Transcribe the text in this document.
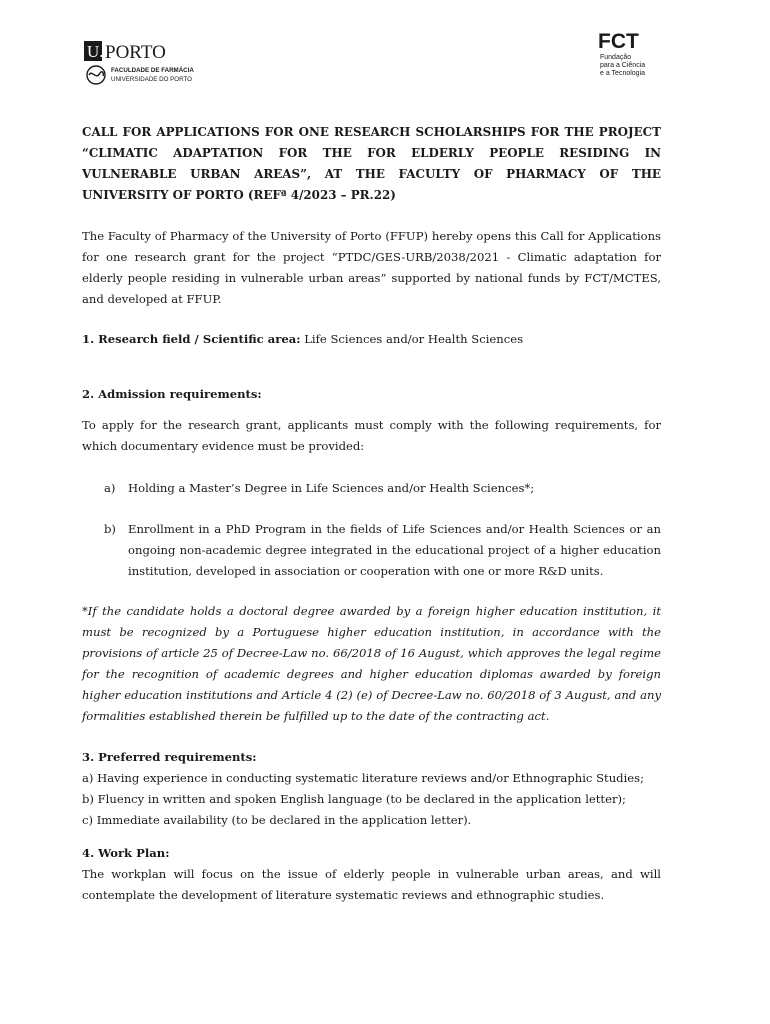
U. PORTO
FACULDADE DE FARMÁCIA
UNIVERSIDADE DO PORTO
FCT
Fundação
para a Ciência
e a Tecnologia

CALL FOR APPLICATIONS FOR ONE RESEARCH SCHOLARSHIPS FOR THE PROJECT “CLIMATIC ADAPTATION FOR THE FOR ELDERLY PEOPLE RESIDING IN VULNERABLE URBAN AREAS”, AT THE FACULTY OF PHARMACY OF THE UNIVERSITY OF PORTO (REFª 4/2023 – PR.22)

The Faculty of Pharmacy of the University of Porto (FFUP) hereby opens this Call for Applications for one research grant for the project “PTDC/GES-URB/2038/2021 - Climatic adaptation for elderly people residing in vulnerable urban areas” supported by national funds by FCT/MCTES, and developed at FFUP.

1. Research field / Scientific area: Life Sciences and/or Health Sciences

2. Admission requirements:

To apply for the research grant, applicants must comply with the following requirements, for which documentary evidence must be provided:

a)	Holding a Master’s Degree in Life Sciences and/or Health Sciences*;
b)	Enrollment in a PhD Program in the fields of Life Sciences and/or Health Sciences or an ongoing non-academic degree integrated in the educational project of a higher education institution, developed in association or cooperation with one or more R&D units.

*If the candidate holds a doctoral degree awarded by a foreign higher education institution, it must be recognized by a Portuguese higher education institution, in accordance with the provisions of article 25 of Decree-Law no. 66/2018 of 16 August, which approves the legal regime for the recognition of academic degrees and higher education diplomas awarded by foreign higher education institutions and Article 4 (2) (e) of Decree-Law no. 60/2018 of 3 August, and any formalities established therein be fulfilled up to the date of the contracting act.

3. Preferred requirements:

a) Having experience in conducting systematic literature reviews and/or Ethnographic Studies;

b) Fluency in written and spoken English language (to be declared in the application letter);

c) Immediate availability (to be declared in the application letter).

4. Work Plan:

The workplan will focus on the issue of elderly people in vulnerable urban areas, and will contemplate the development of literature systematic reviews and ethnographic studies.
